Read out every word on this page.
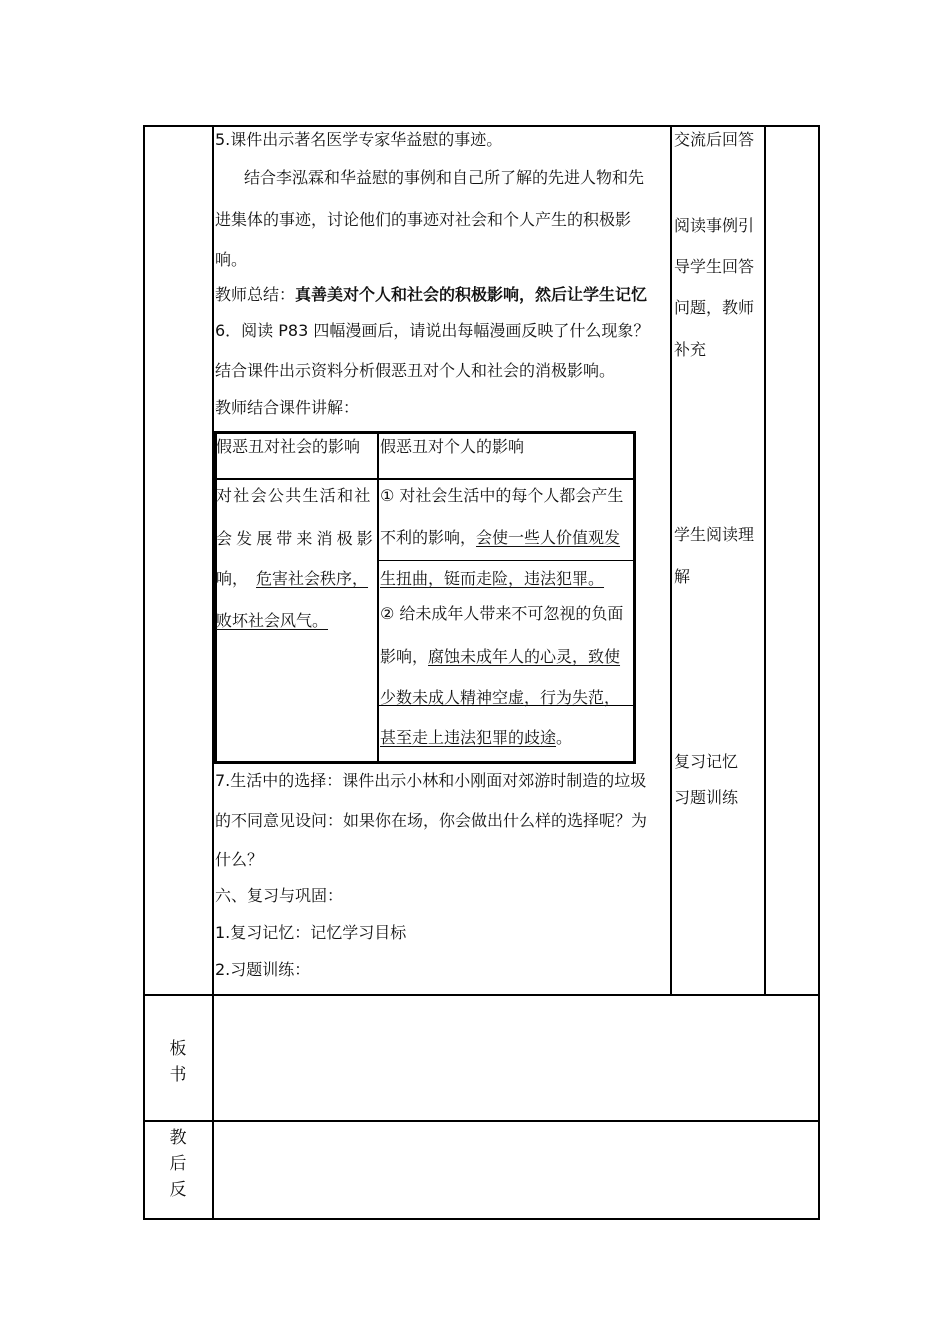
5.课件出示著名医学专家华益慰的事迹。
结合李泓霖和华益慰的事例和自己所了解的先进人物和先
进集体的事迹，讨论他们的事迹对社会和个人产生的积极影
响。
教师总结：真善美对个人和社会的积极影响，然后让学生记忆
6．阅读 P83 四幅漫画后，请说出每幅漫画反映了什么现象？
结合课件出示资料分析假恶丑对个人和社会的消极影响。
教师结合课件讲解：
假恶丑对社会的影响 假恶丑对个人的影响
对社会公共生活和社
会发展带来消极影
响， 危害社会秩序，
败坏社会风气。
① 对社会生活中的每个人都会产生
不利的影响，会使一些人价值观发
生扭曲，铤而走险，违法犯罪。
② 给未成年人带来不可忽视的负面
影响，腐蚀未成年人的心灵，致使
少数未成人精神空虚，行为失范，
甚至走上违法犯罪的歧途。
7.生活中的选择：课件出示小林和小刚面对郊游时制造的垃圾
的不同意见设问：如果你在场，你会做出什么样的选择呢？为
什么？
六、复习与巩固：
1.复习记忆：记忆学习目标
2.习题训练：
交流后回答
阅读事例引
导学生回答
问题，教师
补充
学生阅读理
解
复习记忆
习题训练
板
书
教
后
反
